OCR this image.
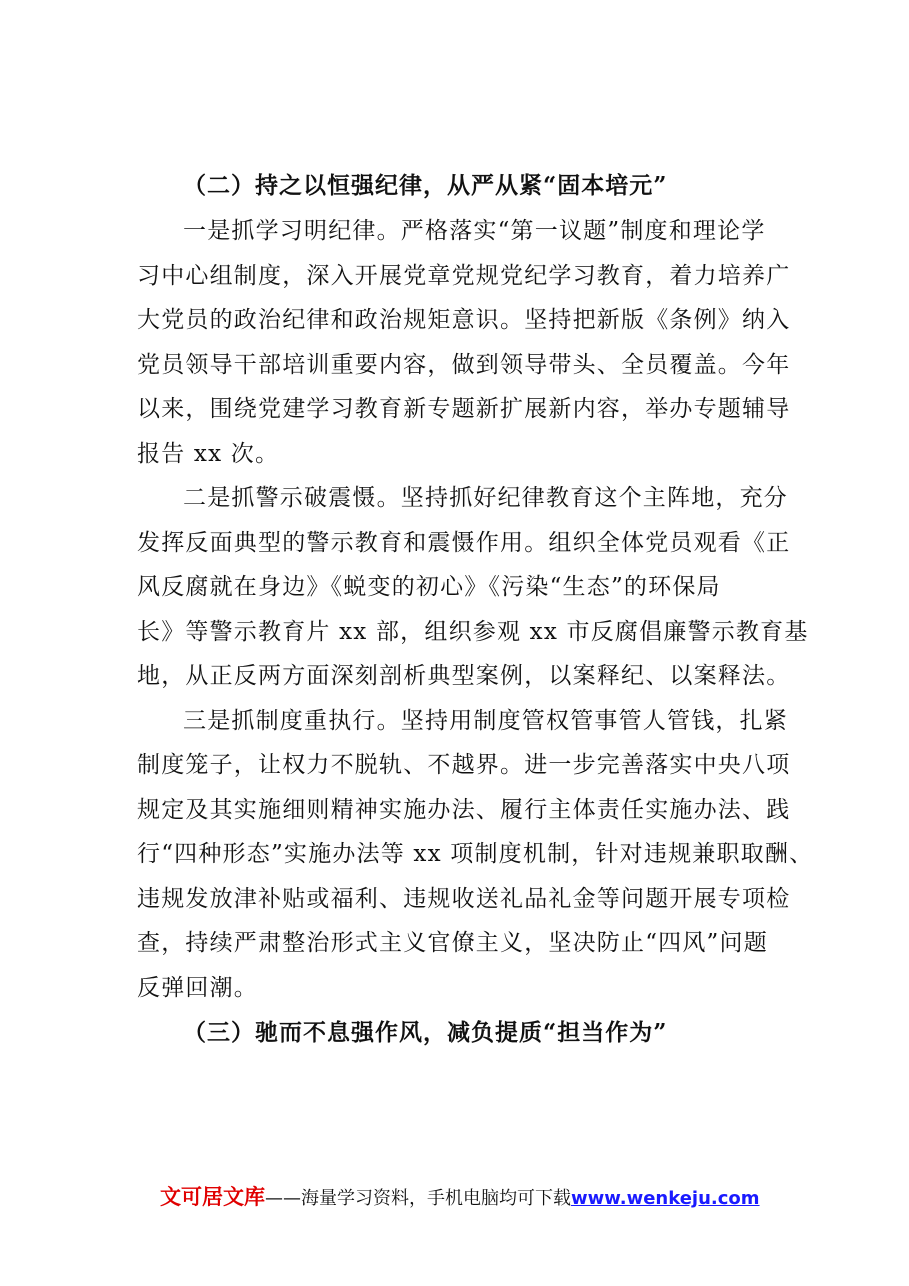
（二）持之以恒强纪律，从严从紧“固本培元”
一是抓学习明纪律。严格落实“第一议题”制度和理论学
习中心组制度，深入开展党章党规党纪学习教育，着力培养广
大党员的政治纪律和政治规矩意识。坚持把新版《条例》纳入
党员领导干部培训重要内容，做到领导带头、全员覆盖。今年
以来，围绕党建学习教育新专题新扩展新内容，举办专题辅导
报告 xx 次。
二是抓警示破震慑。坚持抓好纪律教育这个主阵地，充分
发挥反面典型的警示教育和震慑作用。组织全体党员观看《正
风反腐就在身边》《蜕变的初心》《污染“生态”的环保局
长》等警示教育片 xx 部，组织参观 xx 市反腐倡廉警示教育基
地，从正反两方面深刻剖析典型案例，以案释纪、以案释法。
三是抓制度重执行。坚持用制度管权管事管人管钱，扎紧
制度笼子，让权力不脱轨、不越界。进一步完善落实中央八项
规定及其实施细则精神实施办法、履行主体责任实施办法、践
行“四种形态”实施办法等 xx 项制度机制，针对违规兼职取酬、
违规发放津补贴或福利、违规收送礼品礼金等问题开展专项检
查，持续严肃整治形式主义官僚主义，坚决防止“四风”问题
反弹回潮。
（三）驰而不息强作风，减负提质“担当作为”
文可居文库——海量学习资料，手机电脑均可下载www.wenkeju.com
